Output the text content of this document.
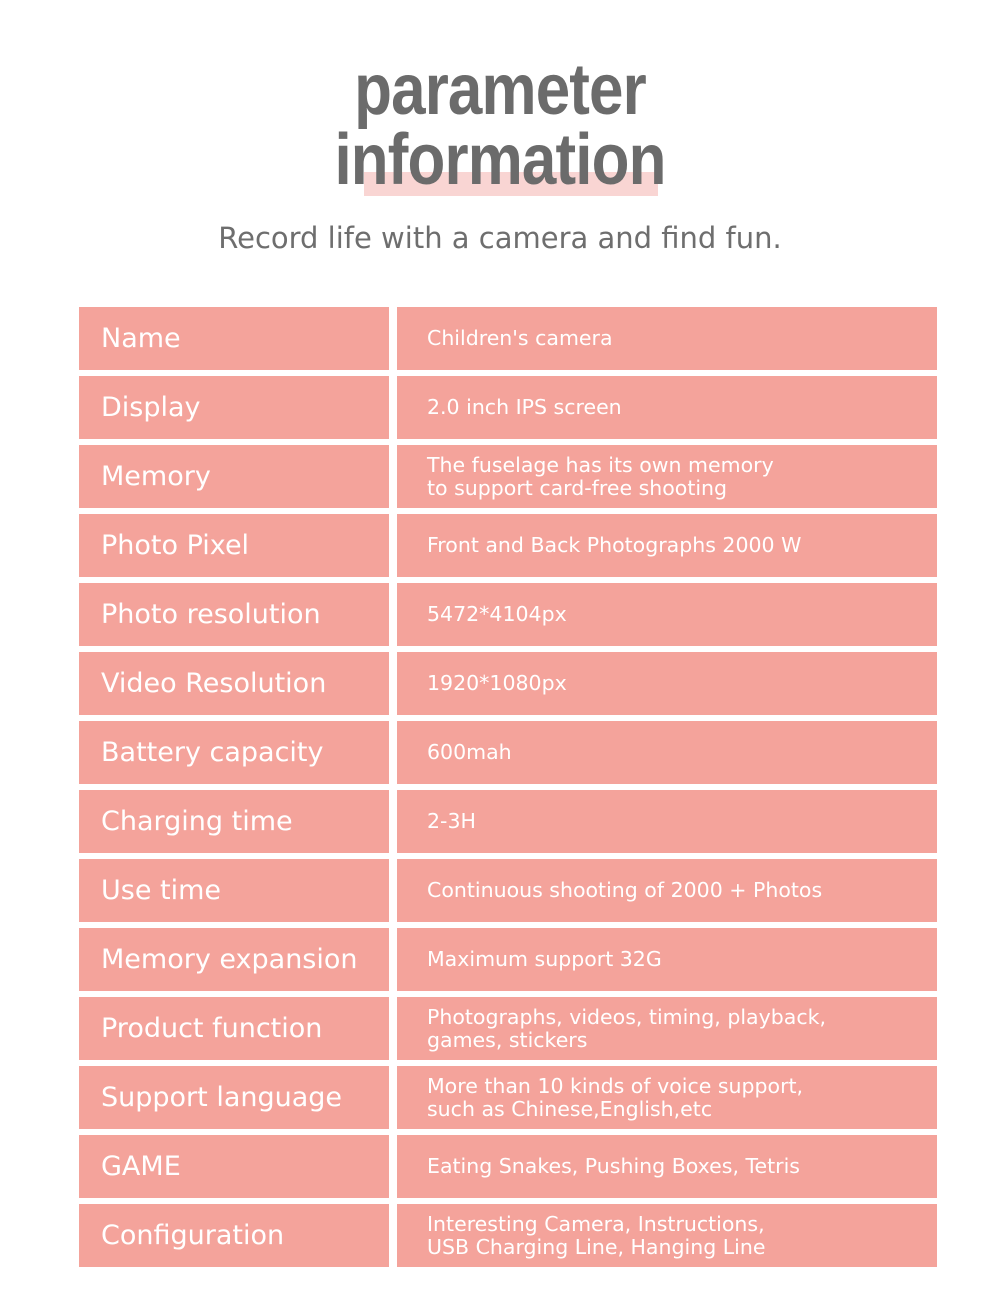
parameter
information
Record life with a camera and find fun.
Name	Children's camera
Display	2.0 inch IPS screen
Memory	The fuselage has its own memory
to support card-free shooting
Photo Pixel	Front and Back Photographs 2000 W
Photo resolution	5472*4104px
Video Resolution	1920*1080px
Battery capacity	600mah
Charging time	2-3H
Use time	Continuous shooting of 2000 + Photos
Memory expansion	Maximum support 32G
Product function	Photographs, videos, timing, playback,
games, stickers
Support language	More than 10 kinds of voice support,
such as Chinese,English,etc
GAME	Eating Snakes, Pushing Boxes, Tetris
Configuration	Interesting Camera, Instructions,
USB Charging Line, Hanging Line
